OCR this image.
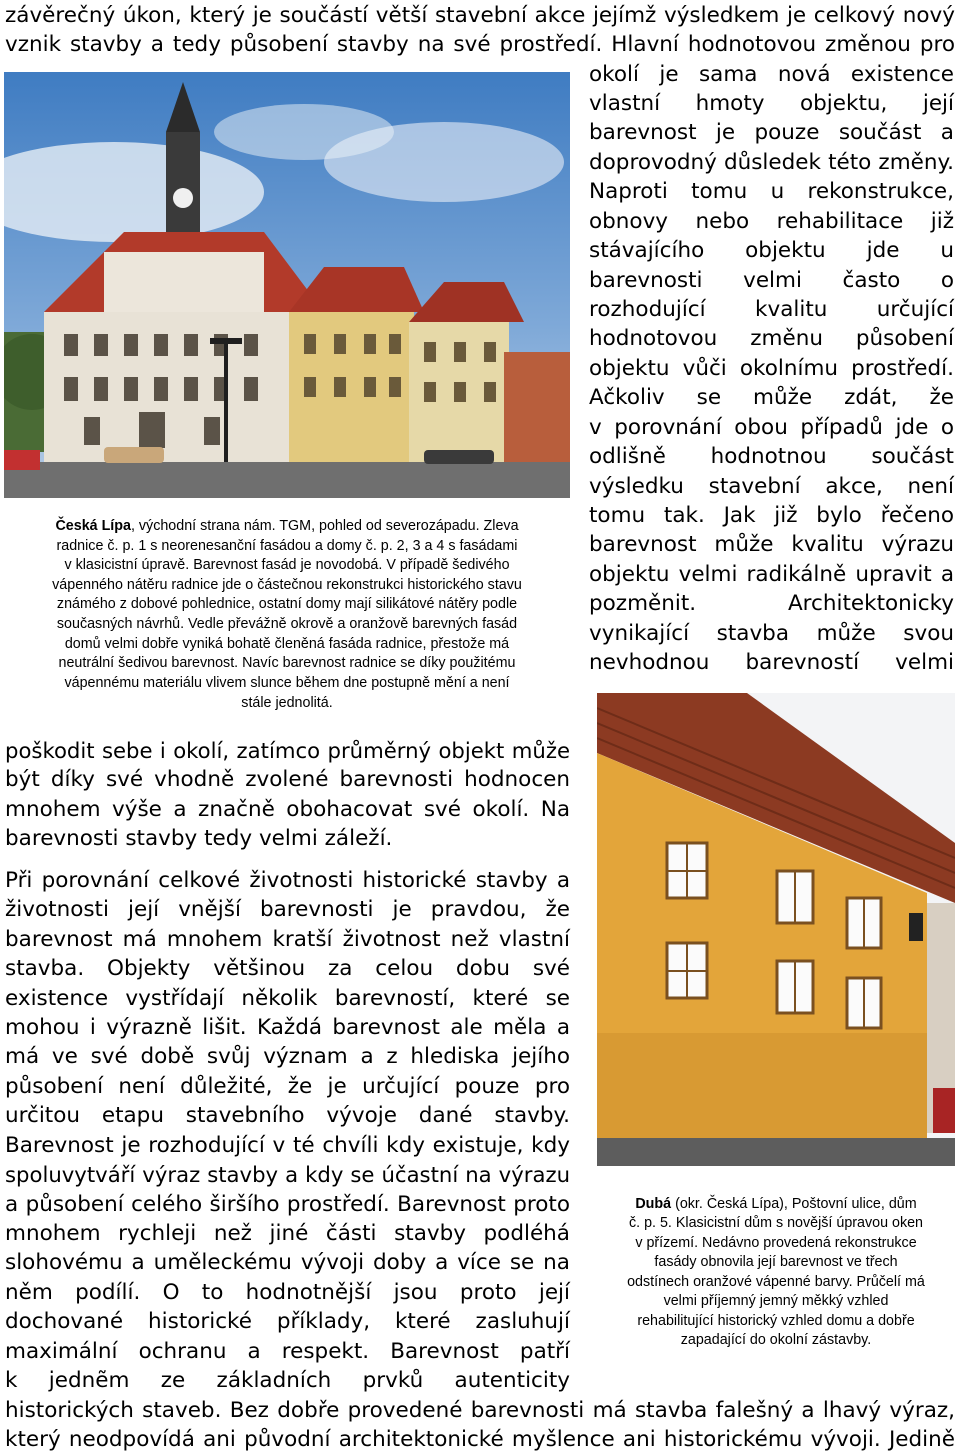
závěrečný úkon, který je součástí větší stavební akce jejímž výsledkem je celkový nový
vznik stavby a tedy působení stavby na své prostředí. Hlavní hodnotovou změnou pro
okolí je sama nová existence
vlastní hmoty objektu, její
barevnost je pouze součást a
doprovodný důsledek této změny.
Naproti tomu u rekonstrukce,
obnovy nebo rehabilitace již
stávajícího objektu jde u
barevnosti velmi často o
rozhodující kvalitu určující
hodnotovou změnu působení
objektu vůči okolnímu prostředí.
Ačkoliv se může zdát, že
v porovnání obou případů jde o
odlišně hodnotnou součást
výsledku stavební akce, není
tomu tak. Jak již bylo řečeno
barevnost může kvalitu výrazu
objektu velmi radikálně upravit a
pozměnit. Architektonicky
vynikající stavba může svou
nevhodnou barevností velmi
Česká Lípa, východní strana nám. TGM, pohled od severozápadu. Zleva
radnice č. p. 1 s neorenesanční fasádou a domy č. p. 2, 3 a 4 s fasádami
v klasicistní úpravě. Barevnost fasád je novodobá. V případě šedivého
vápenného nátěru radnice jde o částečnou rekonstrukci historického stavu
známého z dobové pohlednice, ostatní domy mají silikátové nátěry podle
současných návrhů. Vedle převážně okrově a oranžově barevných fasád
domů velmi dobře vyniká bohatě členěná fasáda radnice, přestože má
neutrální šedivou barevnost. Navíc barevnost radnice se díky použitému
vápennému materiálu vlivem slunce během dne postupně mění a není
stále jednolitá.
poškodit sebe i okolí, zatímco průměrný objekt může
být díky své vhodně zvolené barevnosti hodnocen
mnohem výše a značně obohacovat své okolí. Na
barevnosti stavby tedy velmi záleží.
Při porovnání celkové životnosti historické stavby a
životnosti její vnější barevnosti je pravdou, že
barevnost má mnohem kratší životnost než vlastní
stavba. Objekty většinou za celou dobu své
existence vystřídají několik barevností, které se
mohou i výrazně lišit. Každá barevnost ale měla a
má ve své době svůj význam a z hlediska jejího
působení není důležité, že je určující pouze pro
určitou etapu stavebního vývoje dané stavby.
Barevnost je rozhodující v té chvíli kdy existuje, kdy
spoluvytváří výraz stavby a kdy se účastní na výrazu
a působení celého širšího prostředí. Barevnost proto
mnohem rychleji než jiné části stavby podléhá
slohovému a uměleckému vývoji doby a více se na
něm podílí. O to hodnotnější jsou proto její
dochované historické příklady, které zasluhují
maximální ochranu a respekt. Barevnost patří
k jednẽm ze základních prvků autenticity
Dubá (okr. Česká Lípa), Poštovní ulice, dům
č. p. 5. Klasicistní dům s novější úpravou oken
v přízemí. Nedávno provedená rekonstrukce
fasády obnovila její barevnost ve třech
odstínech oranžové vápenné barvy. Průčelí má
velmi příjemný jemný měkký vzhled
rehabilitující historický vzhled domu a dobře
zapadající do okolní zástavby.
historických staveb. Bez dobře provedené barevnosti má stavba falešný a lhavý výraz,
který neodpovídá ani původní architektonické myšlence ani historickému vývoji. Jedině
